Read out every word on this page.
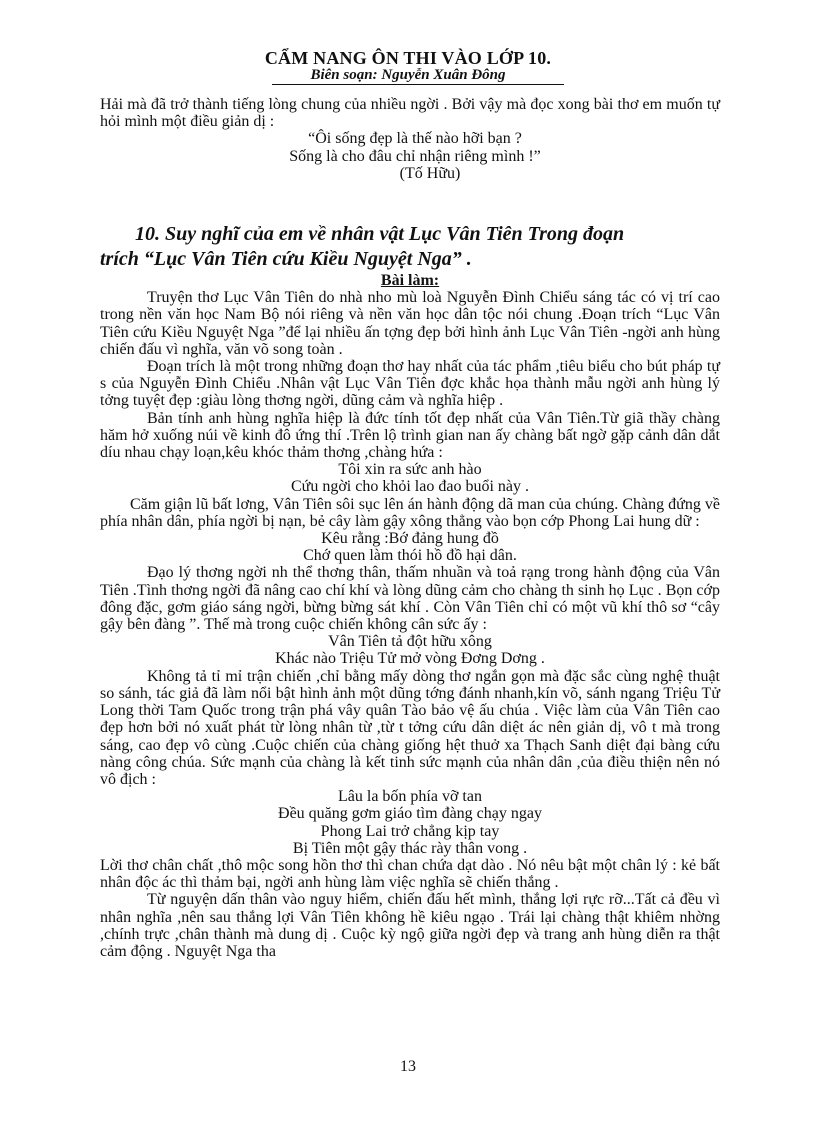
CẨM NANG ÔN THI VÀO LỚP 10.
Biên soạn: Nguyễn Xuân Đông

Hải mà đã trở thành tiếng lòng chung của nhiều ngời . Bởi vậy mà đọc xong bài thơ em muốn tự hỏi mình một điều giản dị :

“Ôi sống đẹp là thế nào hỡi bạn ?

Sống là cho đâu chỉ nhận riêng mình !”

(Tố Hữu)

10. Suy nghĩ của em về nhân vật Lục Vân Tiên Trong đoạn
trích “Lục Vân Tiên cứu Kiều Nguyệt Nga” .

Bài làm:

Truyện thơ Lục Vân Tiên do nhà nho mù loà Nguyễn Đình Chiểu sáng tác có vị trí cao trong nền văn học Nam Bộ nói riêng và nền văn học dân tộc nói chung .Đoạn trích “Lục Vân Tiên cứu Kiều Nguyệt Nga ”để lại nhiều ấn tợng đẹp bởi hình ảnh Lục Vân Tiên -ngời anh hùng chiến đấu vì nghĩa, văn võ song toàn .

Đoạn trích là một trong những đoạn thơ hay nhất của tác phẩm ,tiêu biểu cho bút pháp tự s của Nguyễn Đình Chiểu .Nhân vật Lục Vân Tiên đợc khắc họa thành mẫu ngời anh hùng lý tởng tuyệt đẹp :giàu lòng thơng ngời, dũng cảm và nghĩa hiệp .

Bản tính anh hùng nghĩa hiệp là đức tính tốt đẹp nhất của Vân Tiên.Từ giã thầy chàng hăm hở xuống núi về kinh đô ứng thí .Trên lộ trình gian nan ấy chàng bất ngờ gặp cảnh dân dắt díu nhau chạy loạn,kêu khóc thảm thơng ,chàng hứa :

Tôi xin ra sức anh hào

Cứu ngời cho khỏi lao đao buổi này .

Căm giận lũ bất lơng, Vân Tiên sôi sục lên án hành động dã man của chúng. Chàng đứng về phía nhân dân, phía ngời bị nạn, bẻ cây làm gậy xông thẳng vào bọn cớp Phong Lai hung dữ :

Kêu rằng :Bớ đảng hung đồ

Chớ quen làm thói hồ đồ hại dân.

Đạo lý thơng ngời nh thể thơng thân, thấm nhuần và toả rạng trong hành động của Vân Tiên .Tình thơng ngời đã nâng cao chí khí và lòng dũng cảm cho chàng th sinh họ Lục . Bọn cớp đông đặc, gơm giáo sáng ngời, bừng bừng sát khí . Còn Vân Tiên chỉ có một vũ khí thô sơ “cây gậy bên đàng ”. Thế mà trong cuộc chiến không cân sức ấy :

Vân Tiên tả đột hữu xông

Khác nào Triệu Tử mở vòng Đơng Dơng .

Không tả tỉ mỉ trận chiến ,chỉ bằng mấy dòng thơ ngắn gọn mà đặc sắc cùng nghệ thuật so sánh, tác giả đã làm nổi bật hình ảnh một dũng tớng đánh nhanh,kín võ, sánh ngang Triệu Tử Long thời Tam Quốc trong trận phá vây quân Tào bảo vệ ấu chúa . Việc làm của Vân Tiên cao đẹp hơn bởi nó xuất phát từ lòng nhân từ ,từ t tởng cứu dân diệt ác nên giản dị, vô t mà trong sáng, cao đẹp vô cùng .Cuộc chiến của chàng giống hệt thuở xa Thạch Sanh diệt đại bàng cứu nàng công chúa. Sức mạnh của chàng là kết tinh sức mạnh của nhân dân ,của điều thiện nên nó vô địch :

Lâu la bốn phía vỡ tan

Đều quăng gơm giáo tìm đàng chạy ngay

Phong Lai trở chẳng kịp tay

Bị Tiên một gậy thác rày thân vong .

Lời thơ chân chất ,thô mộc song hồn thơ thì chan chứa dạt dào . Nó nêu bật một chân lý : kẻ bất nhân độc ác thì thảm bại, ngời anh hùng làm việc nghĩa sẽ chiến thắng .

Từ nguyện dấn thân vào nguy hiểm, chiến đấu hết mình, thắng lợi rực rỡ...Tất cả đều vì nhân nghĩa ,nên sau thắng lợi Vân Tiên không hề kiêu ngạo . Trái lại chàng thật khiêm nhờng ,chính trực ,chân thành mà dung dị . Cuộc kỳ ngộ giữa ngời đẹp và trang anh hùng diễn ra thật cảm động . Nguyệt Nga tha

13
